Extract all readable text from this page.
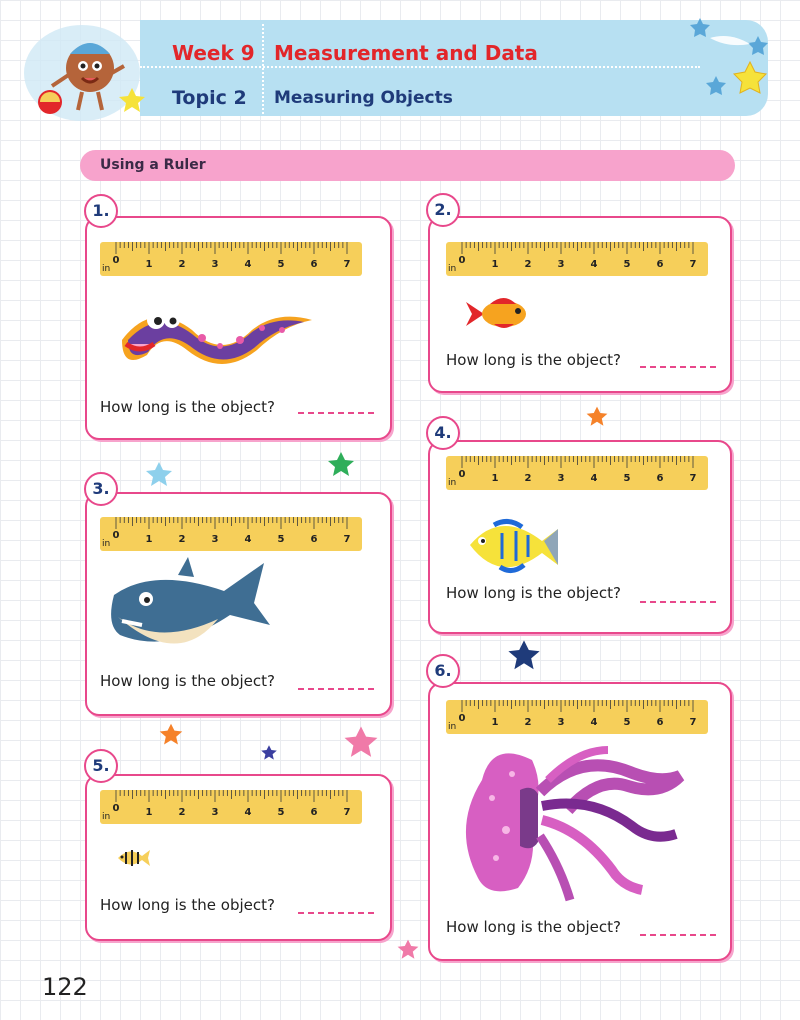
Week 9 Measurement and Data
Topic 2 Measuring Objects
Using a Ruler
1.
in
0	1	2	3	4	5	6	7
How long is the object?
2.
in
0	1	2	3	4	5	6	7
How long is the object?
3.
in
0	1	2	3	4	5	6	7
How long is the object?
4.
in
0	1	2	3	4	5	6	7
How long is the object?
5.
in
0	1	2	3	4	5	6	7
How long is the object?
6.
in
0	1	2	3	4	5	6	7
How long is the object?
122
